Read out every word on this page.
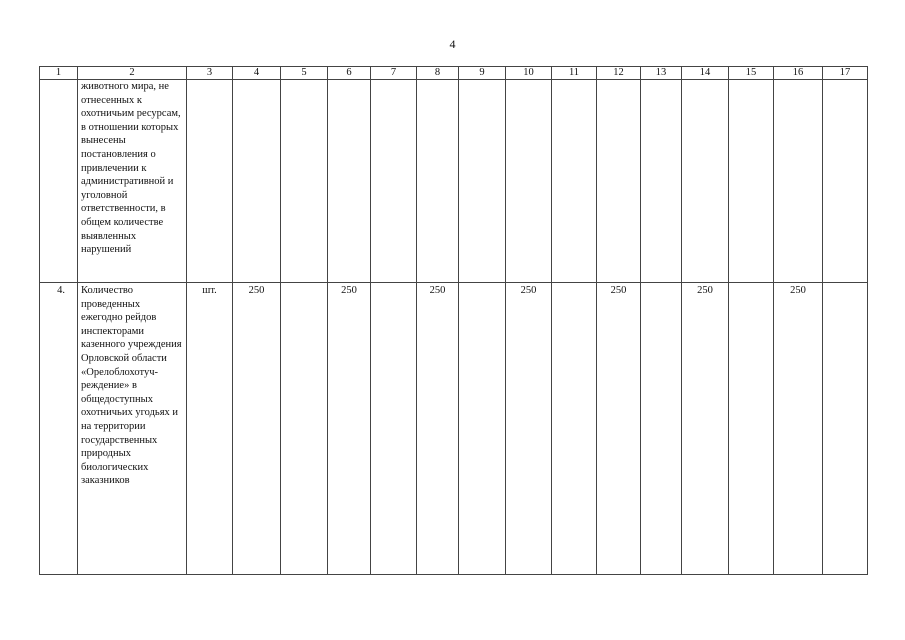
4
1	2	3	4	5	6	7	8	9	10	11	12	13	14	15	16	17
	животного мира, не отнесенных к охотничьим ресурсам, в отношении которых вынесены постановления о привлечении к административной и уголовной ответственности, в общем количестве выявленных нарушений															
4.	Количество проведенных ежегодно рейдов инспекторами казенного учреждения Орловской области «Орелоблохотуч-реждение» в общедоступных охотничьих угодьях и на территории государственных природных биологических заказников	шт.	250		250		250		250		250		250		250	
